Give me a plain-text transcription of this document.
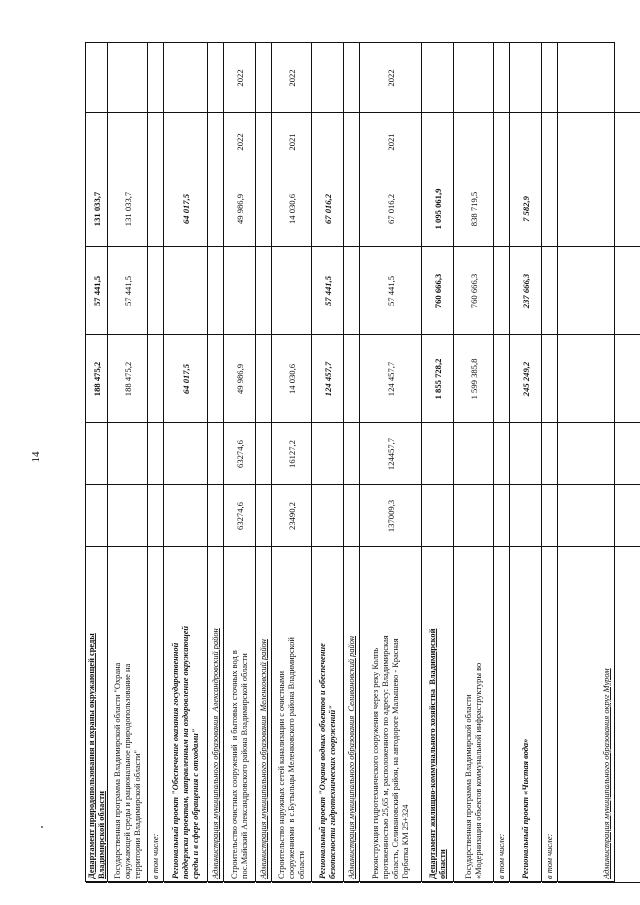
14
Департамент природопользования и охраны окружающей среды
Владимирской области
188 475,2
57 441,5
131 033,7
Государственная программа Владимирской области "Охрана
окружающей среды и рациональное природопользование на
территории Владимирской области"
188 475,2
57 441,5
131 033,7
в том числе: Региональный проект "Обеспечение оказания государственной
поддержки проектам, направленным на оздоровление окружающей
среды и в сфере обращения с отходами"
64 017,5
64 017,5
Администрация муниципального образования  Александровский район Строительство очистных сооружений  и бытовых сточных вод в
пос.Майский Александровского района Владимирской области
63274,6
63274,6
49 986,9
49 986,9
2022
2022
Администрация муниципального образования  Меленковский район Строительство наружных сетей канализации с очистными
сооружениями  в с.Бутыльцы Меленковского района Владимирской
области
23490,2
16127,2
14 030,6
14 030,6
2021
2022
Региональный проект "Охрана водных объектов и обеспечение
безопасности гидротехнических сооружений"
124 457,7
57 441,5
67 016,2
Администрация муниципального образования  Селивановский район Реконструкция гидротехнического сооружения через реку Колпь
протяженностью 25,65 м, расположенного по адресу: Владимирская
область, Селивановский район, на автодороге Малышево - Красная
Горбатка КМ 25+324
137009,3
124457,7
124 457,7
57 441,5
67 016,2
2021
2022
Департамент жилищно-коммунального хозяйства  Владимирской
области
1 855 728,2
760 666,3
1 095 061,9
Государственная программа Владимирской области
«Модернизация объектов коммунальной инфраструктуры во
1 599 385,8
760 666,3
838 719,5
в том числе: Региональный проект «Чистая вода»
245 249,2
237 666,3
7 582,9
в том числе:	Администрация муниципального образования округ Муром
